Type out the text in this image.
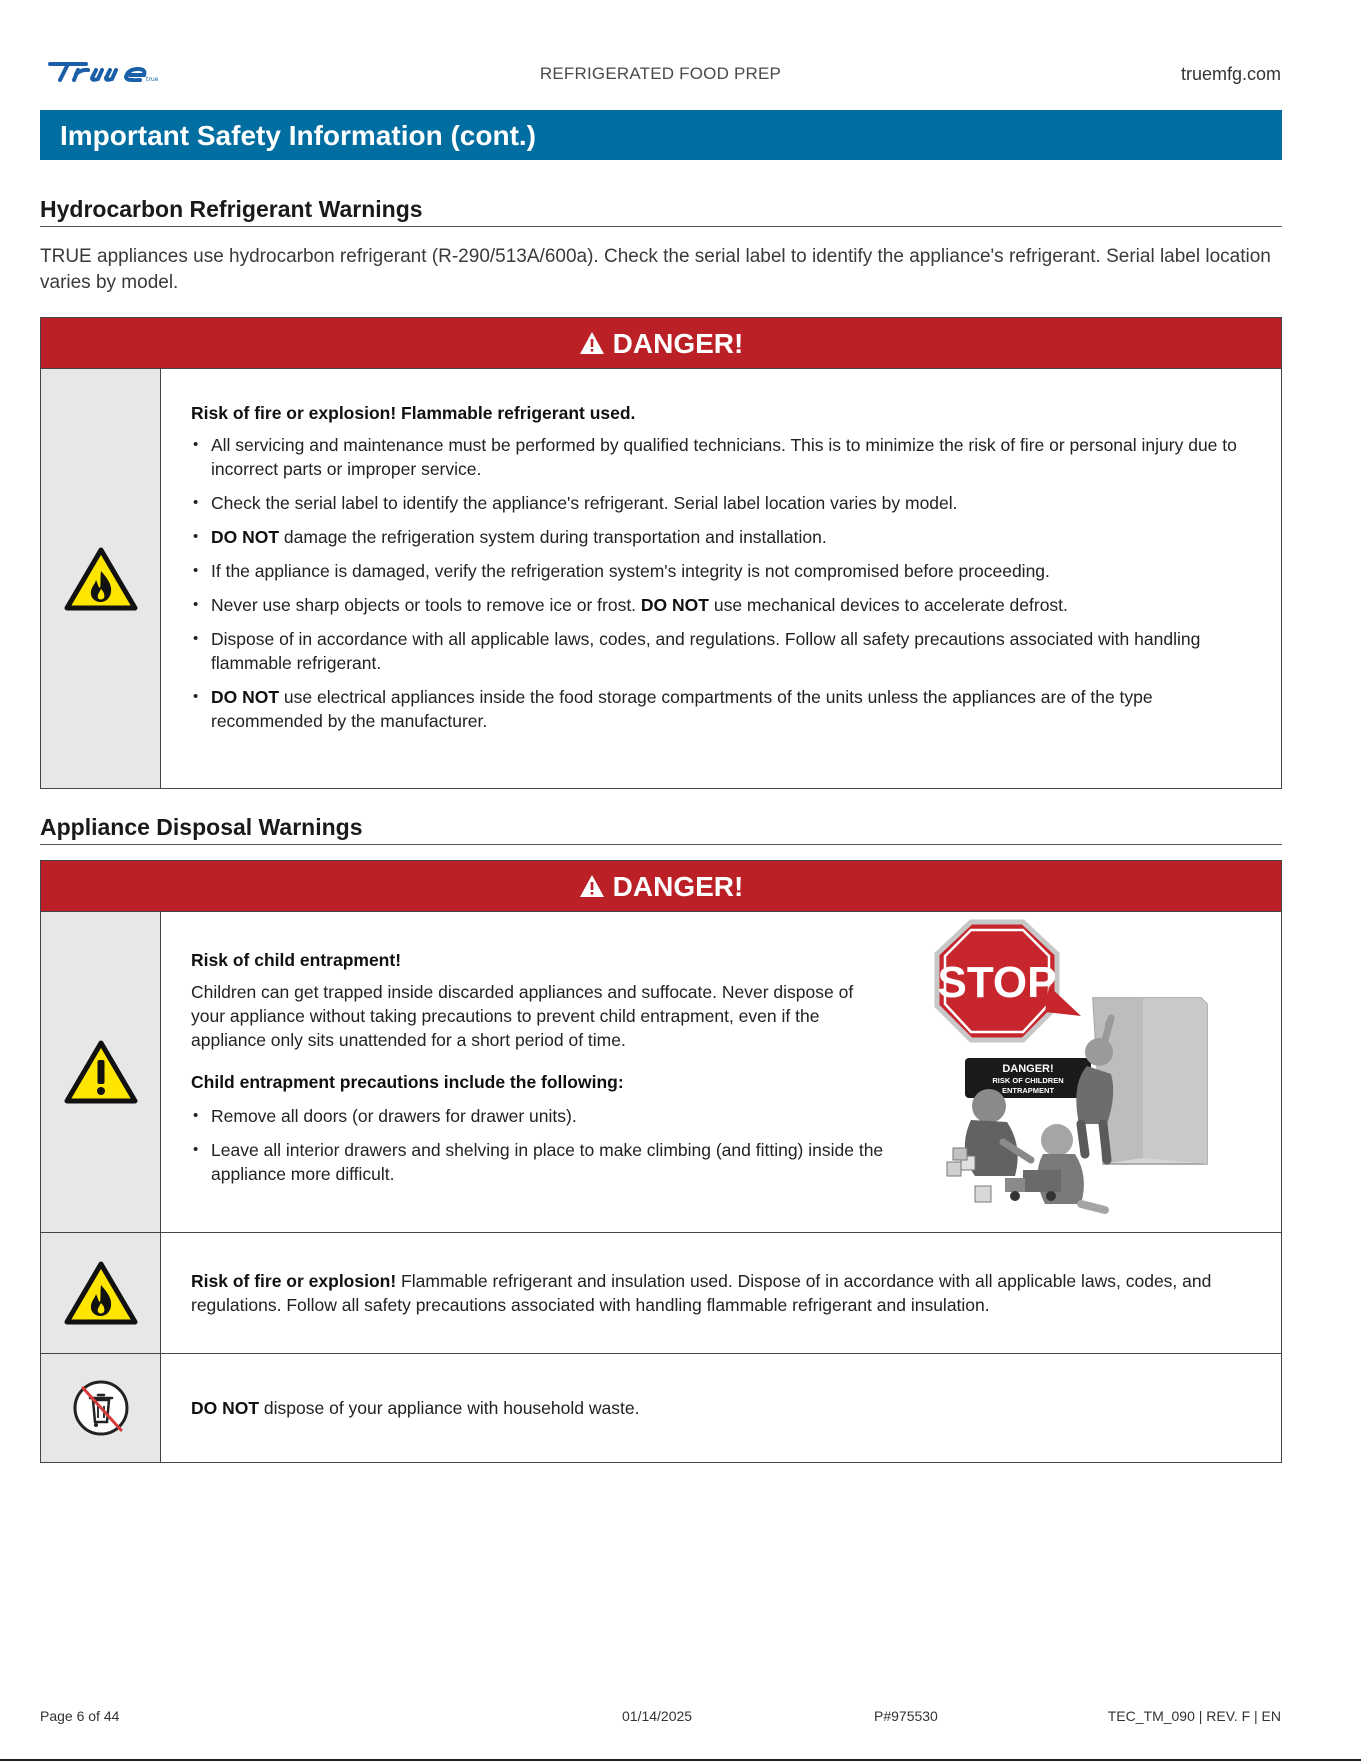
true	REFRIGERATED FOOD PREP	truemfg.com
Important Safety Information (cont.)
Hydrocarbon Refrigerant Warnings
TRUE appliances use hydrocarbon refrigerant (R-290/513A/600a). Check the serial label to identify the appliance's refrigerant. Serial label location varies by model.
DANGER!
Risk of fire or explosion! Flammable refrigerant used.
• All servicing and maintenance must be performed by qualified technicians. This is to minimize the risk of fire or personal injury due to incorrect parts or improper service.
• Check the serial label to identify the appliance's refrigerant. Serial label location varies by model.
• DO NOT damage the refrigeration system during transportation and installation.
• If the appliance is damaged, verify the refrigeration system's integrity is not compromised before proceeding.
• Never use sharp objects or tools to remove ice or frost. DO NOT use mechanical devices to accelerate defrost.
• Dispose of in accordance with all applicable laws, codes, and regulations. Follow all safety precautions associated with handling flammable refrigerant.
• DO NOT use electrical appliances inside the food storage compartments of the units unless the appliances are of the type recommended by the manufacturer.
Appliance Disposal Warnings
DANGER!
Risk of child entrapment!
Children can get trapped inside discarded appliances and suffocate. Never dispose of your appliance without taking precautions to prevent child entrapment, even if the appliance only sits unattended for a short period of time.
Child entrapment precautions include the following:
• Remove all doors (or drawers for drawer units).
• Leave all interior drawers and shelving in place to make climbing (and fitting) inside the appliance more difficult.
STOP
DANGER!
RISK OF CHILDREN
ENTRAPMENT
Risk of fire or explosion! Flammable refrigerant and insulation used. Dispose of in accordance with all applicable laws, codes, and regulations. Follow all safety precautions associated with handling flammable refrigerant and insulation.
DO NOT dispose of your appliance with household waste.
Page 6 of 44	01/14/2025	P#975530	TEC_TM_090 | REV. F | EN
